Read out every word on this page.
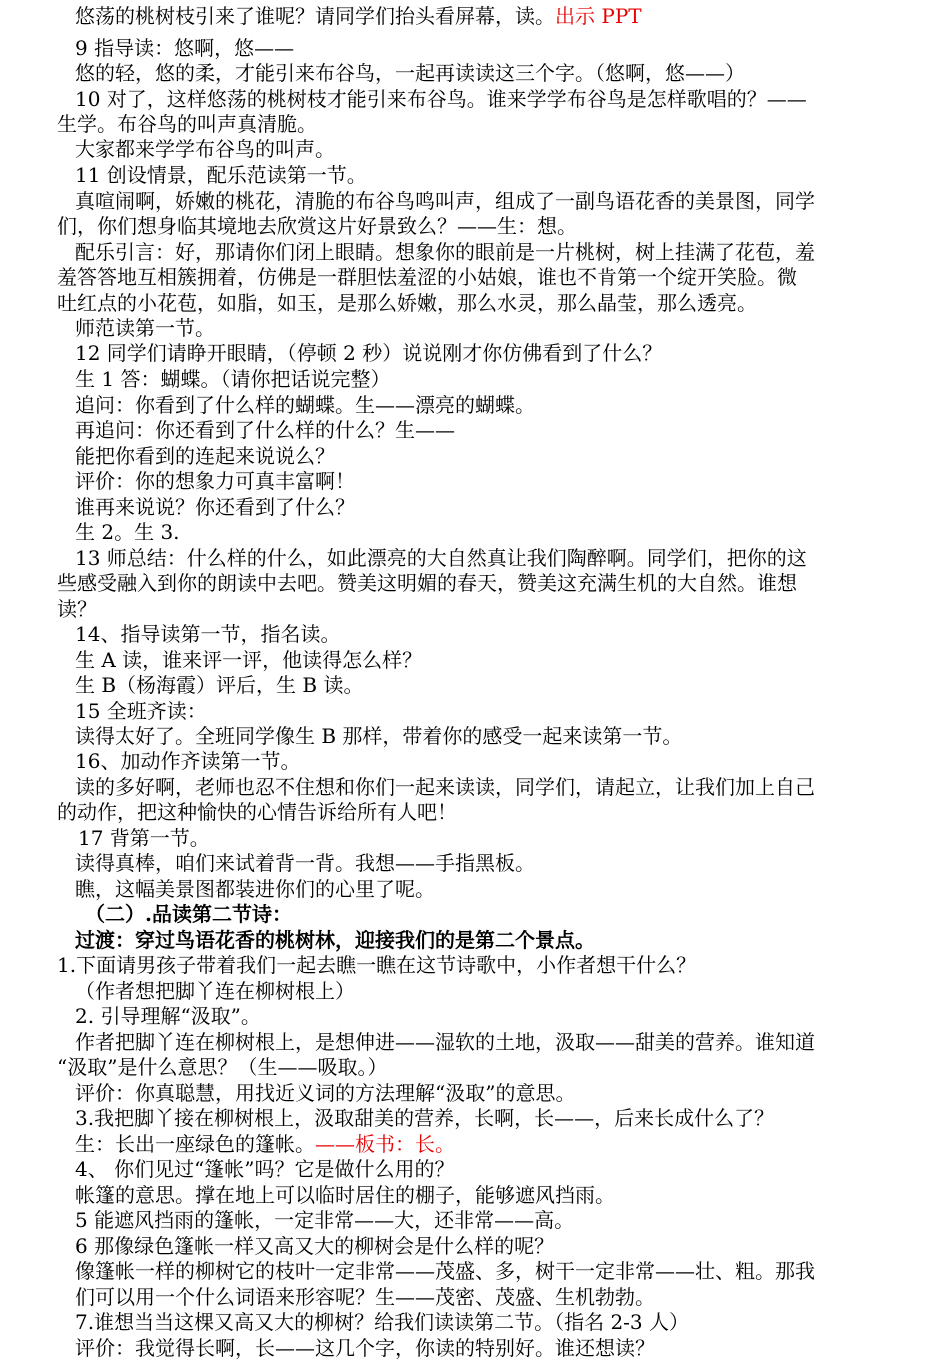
悠荡的桃树枝引来了谁呢？请同学们抬头看屏幕，读。出示 PPT
9 指导读：悠啊，悠——
悠的轻，悠的柔，才能引来布谷鸟，一起再读读这三个字。（悠啊，悠——）
10 对了，这样悠荡的桃树枝才能引来布谷鸟。谁来学学布谷鸟是怎样歌唱的？——
生学。布谷鸟的叫声真清脆。
大家都来学学布谷鸟的叫声。
11 创设情景，配乐范读第一节。
真喧闹啊，娇嫩的桃花，清脆的布谷鸟鸣叫声，组成了一副鸟语花香的美景图，同学
们，你们想身临其境地去欣赏这片好景致么？——生：想。
配乐引言：好，那请你们闭上眼睛。想象你的眼前是一片桃树，树上挂满了花苞，羞
羞答答地互相簇拥着，仿佛是一群胆怯羞涩的小姑娘，谁也不肯第一个绽开笑脸。微
吐红点的小花苞，如脂，如玉，是那么娇嫩，那么水灵，那么晶莹，那么透亮。
师范读第一节。
12 同学们请睁开眼睛，（停顿 2 秒）说说刚才你仿佛看到了什么？
生 1 答：蝴蝶。（请你把话说完整）
追问：你看到了什么样的蝴蝶。生——漂亮的蝴蝶。
再追问：你还看到了什么样的什么？生——
能把你看到的连起来说说么？
评价：你的想象力可真丰富啊！
谁再来说说？你还看到了什么？
生 2。生 3.
13 师总结：什么样的什么，如此漂亮的大自然真让我们陶醉啊。同学们，把你的这
些感受融入到你的朗读中去吧。赞美这明媚的春天，赞美这充满生机的大自然。谁想
读？
14、指导读第一节，指名读。
生 A 读，谁来评一评，他读得怎么样？
生 B（杨海霞）评后，生 B 读。
15 全班齐读：
读得太好了。全班同学像生 B 那样，带着你的感受一起来读第一节。
16、加动作齐读第一节。
读的多好啊，老师也忍不住想和你们一起来读读，同学们，请起立，让我们加上自己
的动作，把这种愉快的心情告诉给所有人吧！
17 背第一节。
读得真棒，咱们来试着背一背。我想——手指黑板。
瞧，这幅美景图都装进你们的心里了呢。
（二）.品读第二节诗：
过渡：穿过鸟语花香的桃树林，迎接我们的是第二个景点。
1.下面请男孩子带着我们一起去瞧一瞧在这节诗歌中，小作者想干什么？
（作者想把脚丫连在柳树根上）
2. 引导理解“汲取”。
作者把脚丫连在柳树根上，是想伸进——湿软的土地，汲取——甜美的营养。谁知道
“汲取”是什么意思？（生——吸取。）
评价：你真聪慧，用找近义词的方法理解“汲取”的意思。
3.我把脚丫接在柳树根上，汲取甜美的营养，长啊，长——，后来长成什么了？
生：长出一座绿色的篷帐。——板书：长。
4、 你们见过“篷帐”吗？它是做什么用的？
帐篷的意思。撑在地上可以临时居住的棚子，能够遮风挡雨。
5 能遮风挡雨的篷帐，一定非常——大，还非常——高。
6 那像绿色篷帐一样又高又大的柳树会是什么样的呢？
像篷帐一样的柳树它的枝叶一定非常——茂盛、多，树干一定非常——壮、粗。那我
们可以用一个什么词语来形容呢？生——茂密、茂盛、生机勃勃。
7.谁想当当这棵又高又大的柳树？给我们读读第二节。（指名 2-3 人）
评价：我觉得长啊，长——这几个字，你读的特别好。谁还想读？
